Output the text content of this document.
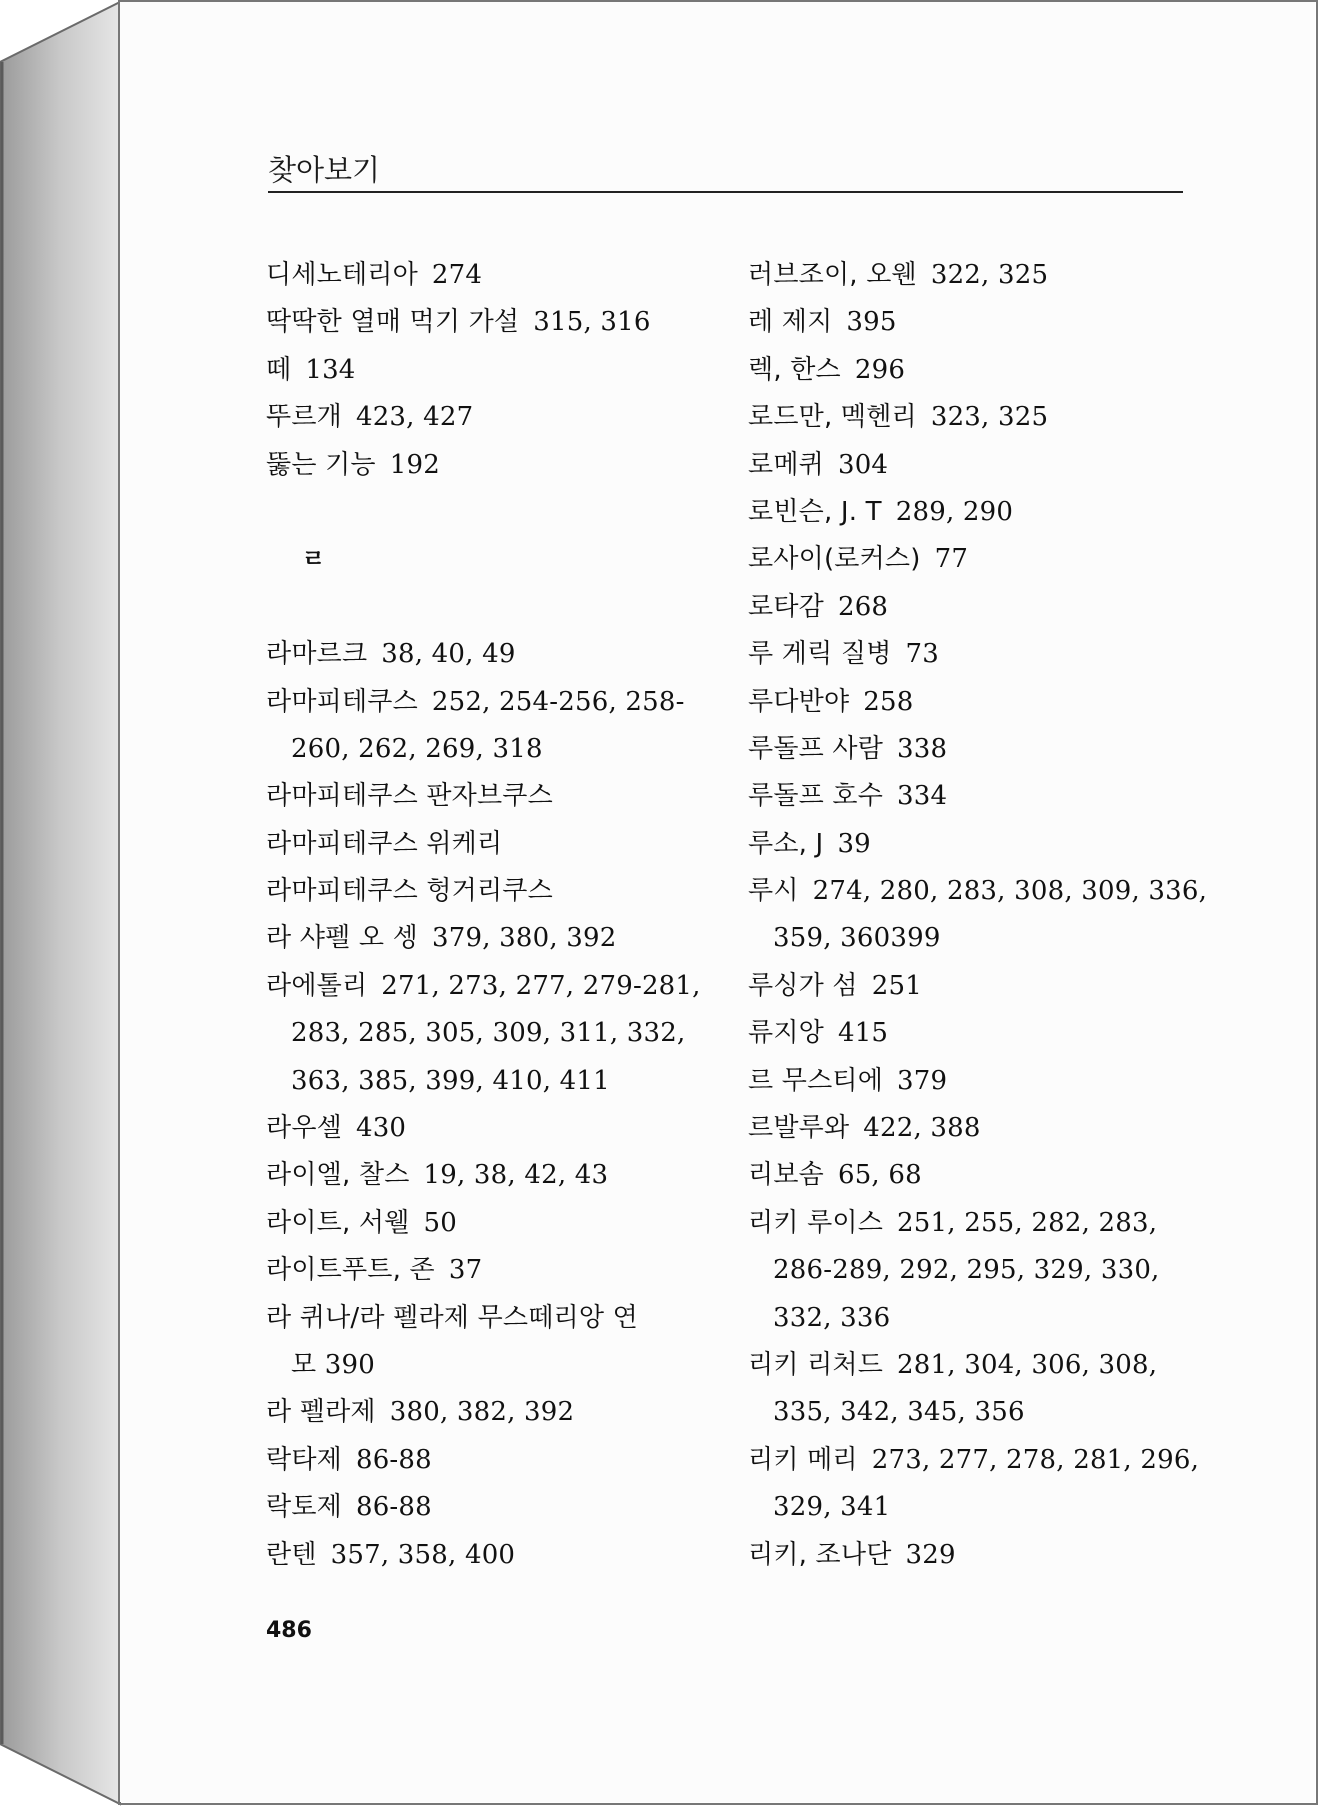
찾아보기
디세노테리아 274
딱딱한 열매 먹기 가설 315, 316
떼 134
뚜르개 423, 427
뚫는 기능 192
ㄹ
라마르크 38, 40, 49
라마피테쿠스 252, 254-256, 258-
260, 262, 269, 318
라마피테쿠스 판자브쿠스
라마피테쿠스 위케리
라마피테쿠스 헝거리쿠스
라 샤펠 오 셍 379, 380, 392
라에톨리 271, 273, 277, 279-281,
283, 285, 305, 309, 311, 332,
363, 385, 399, 410, 411
라우셀 430
라이엘, 찰스 19, 38, 42, 43
라이트, 서웰 50
라이트푸트, 존 37
라 퀴나/라 펠라제 무스떼리앙 연
모 390
라 펠라제 380, 382, 392
락타제 86-88
락토제 86-88
란텐 357, 358, 400
러브조이, 오웬 322, 325
레 제지 395
렉, 한스 296
로드만, 멕헨리 323, 325
로메퀴 304
로빈슨, J. T 289, 290
로사이(로커스) 77
로타감 268
루 게릭 질병 73
루다반야 258
루돌프 사람 338
루돌프 호수 334
루소, J 39
루시 274, 280, 283, 308, 309, 336,
359, 360399
루싱가 섬 251
류지앙 415
르 무스티에 379
르발루와 422, 388
리보솜 65, 68
리키 루이스 251, 255, 282, 283,
286-289, 292, 295, 329, 330,
332, 336
리키 리처드 281, 304, 306, 308,
335, 342, 345, 356
리키 메리 273, 277, 278, 281, 296,
329, 341
리키, 조나단 329
486
